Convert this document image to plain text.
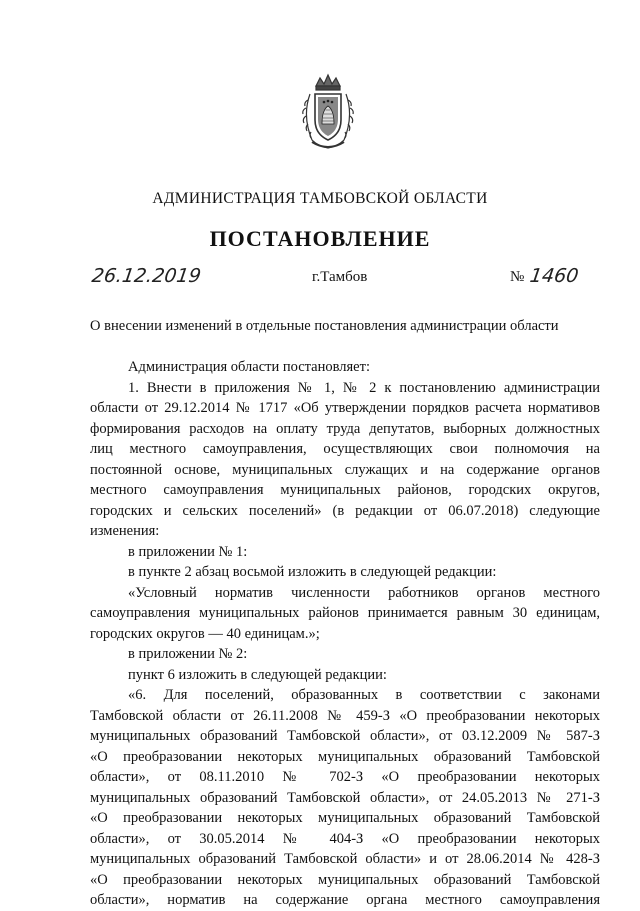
АДМИНИСТРАЦИЯ ТАМБОВСКОЙ ОБЛАСТИ
ПОСТАНОВЛЕНИЕ
26.12.2019	г.Тамбов	№ 1460
О внесении изменений в отдельные постановления администрации области

Администрация области постановляет:

1. Внести в приложения № 1, № 2 к постановлению администрации

области от 29.12.2014 № 1717 «Об утверждении порядков расчета нормативов

формирования расходов на оплату труда депутатов, выборных должностных

лиц местного самоуправления, осуществляющих свои полномочия на

постоянной основе, муниципальных служащих и на содержание органов

местного самоуправления муниципальных районов, городских округов,

городских и сельских поселений» (в редакции от 06.07.2018) следующие

изменения:

в приложении № 1:

в пункте 2 абзац восьмой изложить в следующей редакции:

«Условный норматив численности работников органов местного

самоуправления муниципальных районов принимается равным 30 единицам,

городских округов — 40 единицам.»;

в приложении № 2:

пункт 6 изложить в следующей редакции:

«6. Для поселений, образованных в соответствии с законами

Тамбовской области от 26.11.2008 № 459-З «О преобразовании некоторых

муниципальных образований Тамбовской области», от 03.12.2009 № 587-З

«О преобразовании некоторых муниципальных образований Тамбовской

области», от 08.11.2010 № 702-З «О преобразовании некоторых

муниципальных образований Тамбовской области», от 24.05.2013 № 271-З

«О преобразовании некоторых муниципальных образований Тамбовской

области», от 30.05.2014 № 404-З «О преобразовании некоторых

муниципальных образований Тамбовской области» и от 28.06.2014 № 428-З

«О преобразовании некоторых муниципальных образований Тамбовской

области», норматив на содержание органа местного самоуправления
